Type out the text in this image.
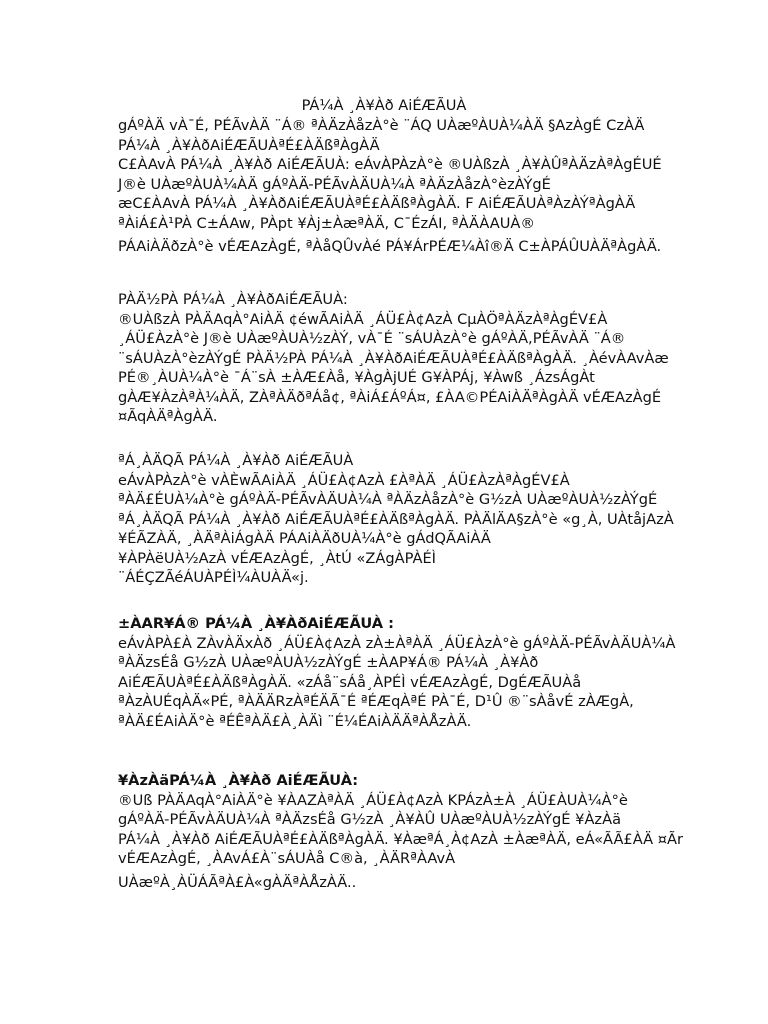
PÁ¼À ¸À¥Àð AiÉÆÃUÀ
gÁºÀÄ vÀ¯É, PÉÃvÀÄ ¨Á® ªÀÄzÀåzÀ°è ¨ÁQ UÀæºÀUÀ¼ÀÄ §AzÀgÉ CzÀÄ
PÁ¼À ¸À¥ÀðAiÉÆÃUÀªÉ£ÀÄßªÀgÀÄ
C£ÀAvÀ PÁ¼À ¸À¥Àð AiÉÆÃUÀ: eÁvÀPÀzÀ°è ®UÀßzÀ ¸À¥ÀÛªÀÄzÀªÀgÉUÉ
J®è UÀæºÀUÀ¼ÀÄ gÁºÀÄ-PÉÃvÀÄUÀ¼À ªÀÄzÀåzÀ°èzÀÝgÉ
æC£ÀAvÀ PÁ¼À ¸À¥ÀðAiÉÆÃUÀªÉ£ÀÄßªÀgÀÄ. F AiÉÆÃUÀªÀzÀÝªÀgÀÄ
ªÀiÁ£À¹PÀ C±ÁAw, PÀpt ¥Àj±ÀæªÀÄ, C¯ÉzÁI, ªÀÄÀAUÀ®
PÁAiÀÄðzÀ°è vÉÆAzÀgÉ, ªÀåQÛvÀé PÁ¥ÁrPÉÆ¼Àî®Ä C±ÀPÁÛUÀÄªÀgÀÄ.
PÀÄ½PÀ PÁ¼À ¸À¥ÀðAiÉÆÃUÀ:
®UÀßzÀ PÀÄAqÀ°AiÀÄ ¢éwÃAiÀÄ ¸ÁÜ£À¢AzÀ CµÀÖªÀÄzÀªÀgÉV£À
¸ÁÜ£ÀzÀ°è J®è UÀæºÀUÀ½zÀÝ, vÀ¯É ¨sÁUÀzÀ°è gÁºÀÄ,PÉÃvÀÄ ¨Á®
¨sÁUÀzÀ°èzÀÝgÉ PÀÄ½PÀ PÁ¼À ¸À¥ÀðAiÉÆÃUÀªÉ£ÀÄßªÀgÀÄ. ¸ÀévÀAvÀæ
PÉ®¸ÀUÀ¼À°è ¯Á¨sÀ ±ÀÆ£Àå, ¥ÀgÀjUÉ G¥ÀPÁj, ¥Àwß ¸ÁzsÁgÀt
gÀÆ¥ÀzÀªÀ¼ÀÄ, ZÀªÀÄðªÁå¢, ªÀiÁ£ÁºÁ¤, £ÀA©PÉAiÀÄªÀgÀÄ vÉÆAzÀgÉ
¤ÃqÀÄªÀgÀÄ.
ªÁ¸ÀÄQÃ PÁ¼À ¸À¥Àð AiÉÆÃUÀ
eÁvÀPÀzÀ°è vÀÈwÃAiÀÄ ¸ÁÜ£À¢AzÀ £ÀªÀÄ ¸ÁÜ£ÀzÀªÀgÉV£À
ªÀÄ£ÉUÀ¼À°è gÁºÀÄ-PÉÃvÀÄUÀ¼À ªÀÄzÀåzÀ°è G½zÀ UÀæºÀUÀ½zÀÝgÉ
ªÁ¸ÀÄQÃ PÁ¼À ¸À¥Àð AiÉÆÃUÀªÉ£ÀÄßªÀgÀÄ. PÀÄlÄA§zÀ°è «g¸À, UÀtåjAzÀ
¥ÉÃZÀÄ, ¸ÀÄªÀiÁgÀÄ PÁAiÀÄðUÀ¼À°è gÁdQÃAiÀÄ
¥ÀPÀëUÀ½AzÀ vÉÆAzÀgÉ, ¸ÀtÚ «ZÁgÀPÀÉÌ
¨ÁÉÇZÃéÁUÀPÉÌ¼ÀUÀÄ«j.
±ÀAR¥Á® PÁ¼À ¸À¥ÀðAiÉÆÃUÀ :
eÁvÀPÀ£À ZÀvÀÄxÀð ¸ÁÜ£À¢AzÀ zÀ±ÀªÀÄ ¸ÁÜ£ÀzÀ°è gÁºÀÄ-PÉÃvÀÄUÀ¼À
ªÀÄzsÉå G½zÀ UÀæºÀUÀ½zÀÝgÉ ±ÀAP¥Á® PÁ¼À ¸À¥Àð
AiÉÆÃUÀªÉ£ÀÄßªÀgÀÄ. «zÁå¨sÁå¸ÀPÉÌ vÉÆAzÀgÉ, DgÉÆÃUÀå
ªÀzÀUÉqÀÄ«PÉ, ªÀÄÄRzÀªÉÄÃ¯É ªÉÆqÀªÉ PÀ¯É, D¹Û ®¨sÀåvÉ zÀÆgÀ,
ªÀÄ£ÉAiÀÄ°è ªÉÊªÀÄ£À¸ÀÄì ¨É¼ÉAiÀÄÄªÀÅzÀÄ.
¥ÀzÀäPÁ¼À ¸À¥Àð AiÉÆÃUÀ:
®Uß PÀÄAqÀ°AiÀÄ°è ¥ÀAZÀªÀÄ ¸ÁÜ£À¢AzÀ KPÁzÀ±À ¸ÁÜ£ÀUÀ¼À°è
gÁºÀÄ-PÉÃvÀÄUÀ¼À ªÀÄzsÉå G½zÀ ¸À¥ÀÛ UÀæºÀUÀ½zÀÝgÉ ¥ÀzÀä
PÁ¼À ¸À¥Àð AiÉÆÃUÀªÉ£ÀÄßªÀgÀÄ. ¥ÀæªÁ¸À¢AzÀ ±ÀæªÀÄ, eÁ«ÃÃ£ÀÄ ¤Ãr
vÉÆAzÀgÉ, ¸ÀAvÁ£À¨sÁUÀå C®à, ¸ÀÄRªÀAvÀ
UÀæºÀ¸ÀÜÁÃªÀ£À«gÀÄªÀÅzÀÄ..
